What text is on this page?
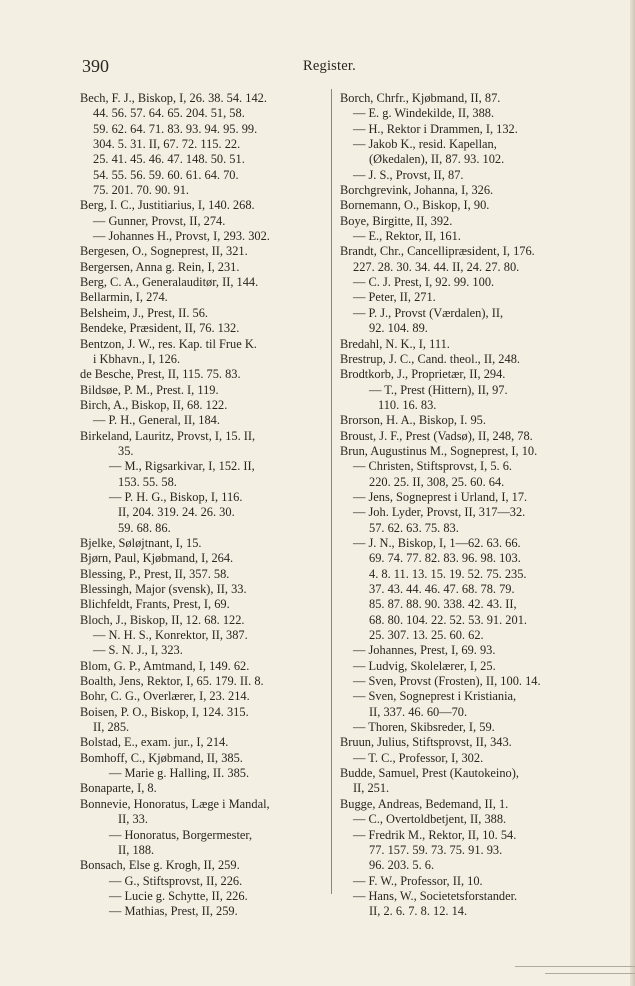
390	Register.

Bech, F. J., Biskop, I, 26. 38. 54. 142.

44. 56. 57. 64. 65. 204. 51, 58.

59. 62. 64. 71. 83. 93. 94. 95. 99.

304. 5. 31. II, 67. 72. 115. 22.

25. 41. 45. 46. 47. 148. 50. 51.

54. 55. 56. 59. 60. 61. 64. 70.

75. 201. 70. 90. 91.

Berg, I. C., Justitiarius, I, 140. 268.

— Gunner, Provst, II, 274.

— Johannes H., Provst, I, 293. 302.

Bergesen, O., Sogneprest, II, 321.

Bergersen, Anna g. Rein, I, 231.

Berg, C. A., Generalauditør, II, 144.

Bellarmin, I, 274.

Belsheim, J., Prest, II. 56.

Bendeke, Præsident, II, 76. 132.

Bentzon, J. W., res. Kap. til Frue K.

i Kbhavn., I, 126.

de Besche, Prest, II, 115. 75. 83.

Bildsøe, P. M., Prest. I, 119.

Birch, A., Biskop, II, 68. 122.

— P. H., General, II, 184.

Birkeland, Lauritz, Provst, I, 15. II,

35.

— M., Rigsarkivar, I, 152. II,

153. 55. 58.

— P. H. G., Biskop, I, 116.

II, 204. 319. 24. 26. 30.

59. 68. 86.

Bjelke, Søløjtnant, I, 15.

Bjørn, Paul, Kjøbmand, I, 264.

Blessing, P., Prest, II, 357. 58.

Blessingh, Major (svensk), II, 33.

Blichfeldt, Frants, Prest, I, 69.

Bloch, J., Biskop, II, 12. 68. 122.

— N. H. S., Konrektor, II, 387.

— S. N. J., I, 323.

Blom, G. P., Amtmand, I, 149. 62.

Boalth, Jens, Rektor, I, 65. 179. II. 8.

Bohr, C. G., Overlærer, I, 23. 214.

Boisen, P. O., Biskop, I, 124. 315.

II, 285.

Bolstad, E., exam. jur., I, 214.

Bomhoff, C., Kjøbmand, II, 385.

— Marie g. Halling, II. 385.

Bonaparte, I, 8.

Bonnevie, Honoratus, Læge i Mandal,

II, 33.

— Honoratus, Borgermester,

II, 188.

Bonsach, Else g. Krogh, II, 259.

— G., Stiftsprovst, II, 226.

— Lucie g. Schytte, II, 226.

— Mathias, Prest, II, 259.

Borch, Chrfr., Kjøbmand, II, 87.

— E. g. Windekilde, II, 388.

— H., Rektor i Drammen, I, 132.

— Jakob K., resid. Kapellan,

(Økedalen), II, 87. 93. 102.

— J. S., Provst, II, 87.

Borchgrevink, Johanna, I, 326.

Bornemann, O., Biskop, I, 90.

Boye, Birgitte, II, 392.

— E., Rektor, II, 161.

Brandt, Chr., Cancellipræsident, I, 176.

227. 28. 30. 34. 44. II, 24. 27. 80.

— C. J. Prest, I, 92. 99. 100.

— Peter, II, 271.

— P. J., Provst (Værdalen), II,

92. 104. 89.

Bredahl, N. K., I, 111.

Brestrup, J. C., Cand. theol., II, 248.

Brodtkorb, J., Proprietær, II, 294.

— T., Prest (Hittern), II, 97.

110. 16. 83.

Brorson, H. A., Biskop, I. 95.

Broust, J. F., Prest (Vadsø), II, 248, 78.

Brun, Augustinus M., Sogneprest, I, 10.

— Christen, Stiftsprovst, I, 5. 6.

220. 25. II, 308, 25. 60. 64.

— Jens, Sogneprest i Urland, I, 17.

— Joh. Lyder, Provst, II, 317—32.

57. 62. 63. 75. 83.

— J. N., Biskop, I, 1—62. 63. 66.

69. 74. 77. 82. 83. 96. 98. 103.

4. 8. 11. 13. 15. 19. 52. 75. 235.

37. 43. 44. 46. 47. 68. 78. 79.

85. 87. 88. 90. 338. 42. 43. II,

68. 80. 104. 22. 52. 53. 91. 201.

25. 307. 13. 25. 60. 62.

— Johannes, Prest, I, 69. 93.

— Ludvig, Skolelærer, I, 25.

— Sven, Provst (Frosten), II, 100. 14.

— Sven, Sogneprest i Kristiania,

II, 337. 46. 60—70.

— Thoren, Skibsreder, I, 59.

Bruun, Julius, Stiftsprovst, II, 343.

— T. C., Professor, I, 302.

Budde, Samuel, Prest (Kautokeino),

II, 251.

Bugge, Andreas, Bedemand, II, 1.

— C., Overtoldbetjent, II, 388.

— Fredrik M., Rektor, II, 10. 54.

77. 157. 59. 73. 75. 91. 93.

96. 203. 5. 6.

— F. W., Professor, II, 10.

— Hans, W., Societetsforstander.

II, 2. 6. 7. 8. 12. 14.
